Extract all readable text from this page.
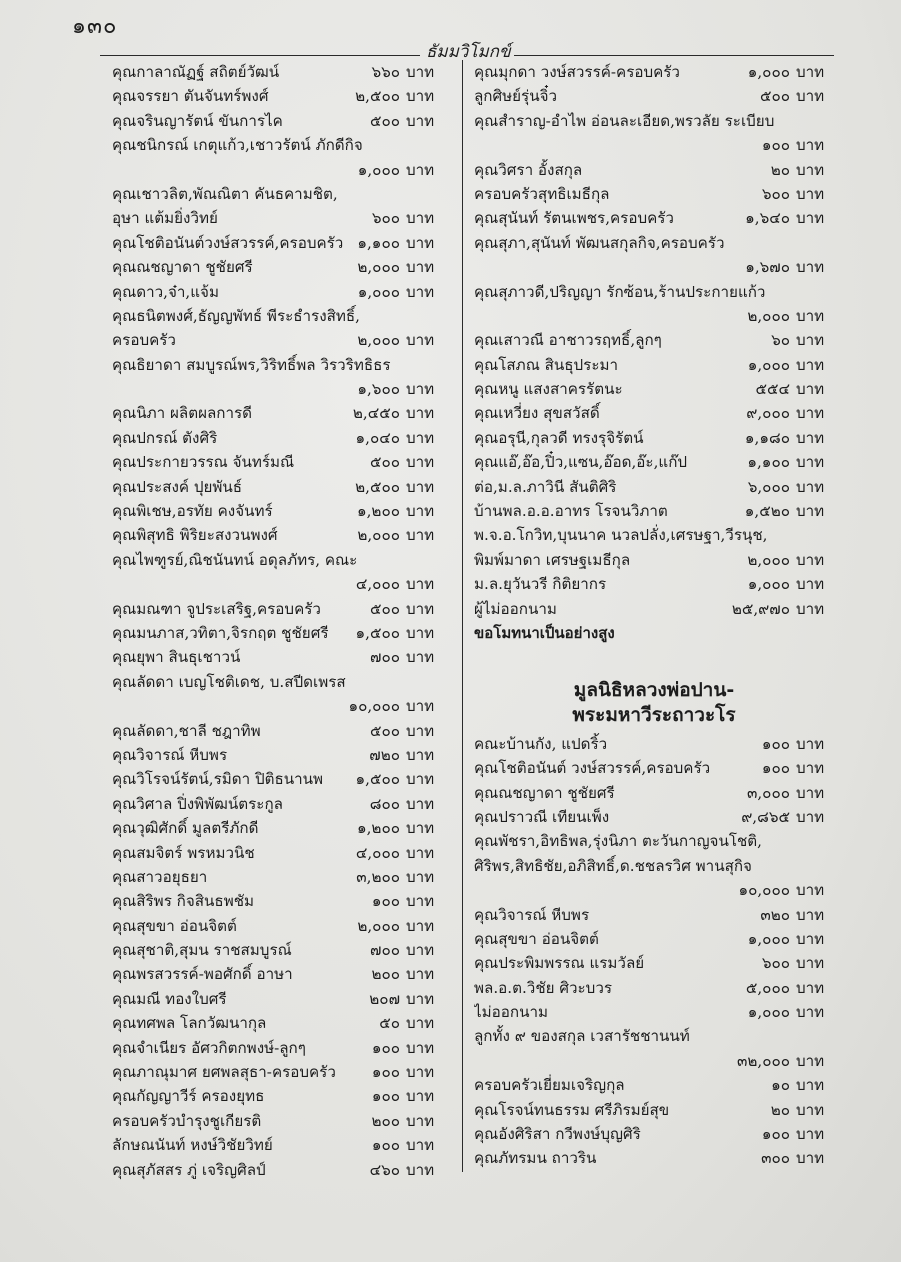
๑๓๐
ธัมมวิโมกข์
คุณกาลาณัฏฐ์ สถิตย์วัฒน์	๖๖๐ บาท
คุณจรรยา ตันจันทร์พงศ์	๒,๕๐๐ บาท
คุณจรินญารัตน์ ขันการไค	๕๐๐ บาท
คุณชนิกรณ์ เกตุแก้ว,เชาวรัตน์ ภักดีกิจ
๑,๐๐๐ บาท
คุณเชาวลิต,พัณณิตา คันธคามชิต,
อุษา แต้มยิ่งวิทย์	๖๐๐ บาท
คุณโชติอนันต์วงษ์สวรรค์,ครอบครัว ๑,๑๐๐ บาท
คุณณชญาดา ชูชัยศรี	๒,๐๐๐ บาท
คุณดาว,จ๋า,แจ้ม	๑,๐๐๐ บาท
คุณธนิตพงศ์,ธัญญพัทธ์ พีระธำรงสิทธิ์,
ครอบครัว	๒,๐๐๐ บาท
คุณธิยาดา สมบูรณ์พร,วิริทธิ์พล วิรวริทธิธร
๑,๖๐๐ บาท
คุณนิภา ผลิตผลการดี	๒,๔๕๐ บาท
คุณปกรณ์ ตังศิริ	๑,๐๔๐ บาท
คุณประกายวรรณ จันทร์มณี	๕๐๐ บาท
คุณประสงค์ ปุยพันธ์	๒,๕๐๐ บาท
คุณพิเชษ,อรทัย คงจันทร์	๑,๒๐๐ บาท
คุณพิสุทธิ พิริยะสงวนพงศ์	๒,๐๐๐ บาท
คุณไพฑูรย์,ณิชนันทน์ อดุลภัทร, คณะ
๔,๐๐๐ บาท
คุณมณฑา จูประเสริฐ,ครอบครัว	๕๐๐ บาท
คุณมนภาส,วทิตา,จิรกฤต ชูชัยศรี	๑,๕๐๐ บาท
คุณยุพา สินธุเชาวน์	๗๐๐ บาท
คุณลัดดา เบญโชติเดช, บ.สปีดเพรส
๑๐,๐๐๐ บาท
คุณลัดดา,ชาลี ชฎาทิพ	๕๐๐ บาท
คุณวิจารณ์ หีบพร	๗๒๐ บาท
คุณวิโรจน์รัตน์,รมิดา ปิติธนานพ	๑,๕๐๐ บาท
คุณวิศาล ปิ่งพิพัฒน์ตระกูล	๘๐๐ บาท
คุณวุฒิศักดิ์ มูลตรีภักดี	๑,๒๐๐ บาท
คุณสมจิตร์ พรหมวนิช	๔,๐๐๐ บาท
คุณสาวอยุธยา	๓,๒๐๐ บาท
คุณสิริพร กิจสินธพชัม	๑๐๐ บาท
คุณสุขขา อ่อนจิตต์	๒,๐๐๐ บาท
คุณสุชาติ,สุมน ราชสมบูรณ์	๗๐๐ บาท
คุณพรสวรรค์-พอศักดิ์ อาษา	๒๐๐ บาท
คุณมณี ทองใบศรี	๒๐๗ บาท
คุณทศพล โลกวัฒนากุล	๕๐ บาท
คุณจำเนียร อัศวกิตกพงษ์-ลูกๆ	๑๐๐ บาท
คุณภาณุมาศ ยศพลสุธา-ครอบครัว	๑๐๐ บาท
คุณกัญญาวีร์ ครองยุทธ	๑๐๐ บาท
ครอบครัวบำรุงชูเกียรติ	๒๐๐ บาท
ลักษณนันท์ หงษ์วิชัยวิทย์	๑๐๐ บาท
คุณสุภัสสร ภู่ เจริญศิลป์	๔๖๐ บาท
คุณมุกดา วงษ์สวรรค์-ครอบครัว	๑,๐๐๐ บาท
ลูกศิษย์รุ่นจิ๋ว	๕๐๐ บาท
คุณสำราญ-อำไพ อ่อนละเอียด,พรวลัย ระเบียบ
๑๐๐ บาท
คุณวิศรา อั้งสกุล	๒๐ บาท
ครอบครัวสุทธิเมธีกุล	๖๐๐ บาท
คุณสุนันท์ รัตนเพชร,ครอบครัว	๑,๖๔๐ บาท
คุณสุภา,สุนันท์ พัฒนสกุลกิจ,ครอบครัว
๑,๖๗๐ บาท
คุณสุภาวดี,ปริญญา รักซ้อน,ร้านประกายแก้ว
๒,๐๐๐ บาท
คุณเสาวณี อาชาวรฤทธิ์,ลูกๆ	๖๐ บาท
คุณโสภณ สินธุประมา	๑,๐๐๐ บาท
คุณหนู แสงสาครรัตนะ	๕๕๔ บาท
คุณเหวี่ยง สุขสวัสดิ์	๙,๐๐๐ บาท
คุณอรุนี,กุลวดี ทรงรุจิรัตน์	๑,๑๘๐ บาท
คุณแอ๊,อ๊อ,ปิ๋ว,แซน,อ๊อด,อ๊ะ,แก๊ป	๑,๑๐๐ บาท
ต่อ,ม.ล.ภาวินี สันติศิริ	๖,๐๐๐ บาท
บ้านพล.อ.อ.อาทร โรจนวิภาต	๑,๕๒๐ บาท
พ.จ.อ.โกวิท,บุนนาค นวลปลั่ง,เศรษฐา,วีรนุช,
พิมพ์มาดา เศรษฐเมธีกุล	๒,๐๐๐ บาท
ม.ล.ยุวันวรี กิติยากร	๑,๐๐๐ บาท
ผู้ไม่ออกนาม	๒๕,๙๗๐ บาท
ขอโมทนาเป็นอย่างสูง
มูลนิธิหลวงพ่อปาน-
พระมหาวีระถาวะโร
คณะบ้านกัง, แปดริ้ว	๑๐๐ บาท
คุณโชติอนันต์ วงษ์สวรรค์,ครอบครัว	๑๐๐ บาท
คุณณชญาดา ชูชัยศรี	๓,๐๐๐ บาท
คุณปราวณี เทียนเพ็ง	๙,๘๖๕ บาท
คุณพัชรา,อิทธิพล,รุ่งนิภา ตะวันกาญจนโชติ,
ศิริพร,สิทธิชัย,อภิสิทธิ์,ด.ชชลรวิศ พานสุกิจ
๑๐,๐๐๐ บาท
คุณวิจารณ์ หีบพร	๓๒๐ บาท
คุณสุขขา อ่อนจิตต์	๑,๐๐๐ บาท
คุณประพิมพรรณ แรมวัลย์	๖๐๐ บาท
พล.อ.ต.วิชัย ศิวะบวร	๕,๐๐๐ บาท
ไม่ออกนาม	๑,๐๐๐ บาท
ลูกทั้ง ๙ ของสกุล เวสารัชชานนท์
๓๒,๐๐๐ บาท
ครอบครัวเยี่ยมเจริญกุล	๑๐ บาท
คุณโรจน์ทนธรรม ศรีภิรมย์สุข	๒๐ บาท
คุณอังศิริสา กวีพงษ์บุญศิริ	๑๐๐ บาท
คุณภัทรมน ถาวริน	๓๐๐ บาท
